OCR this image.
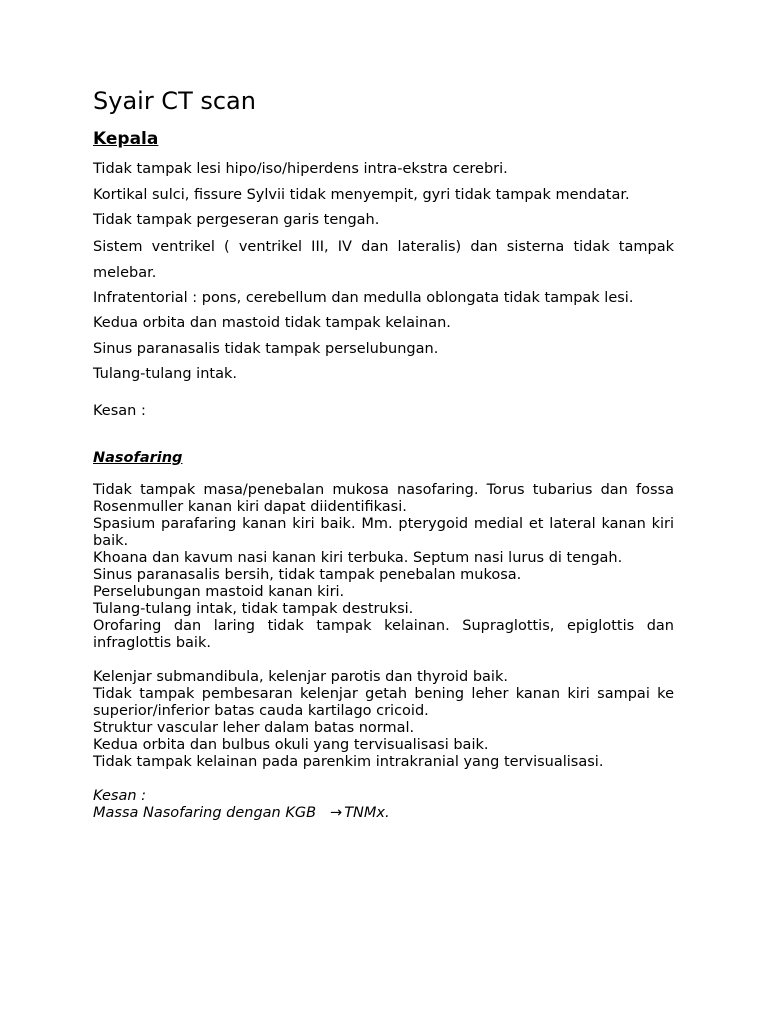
Syair CT scan
Kepala
Tidak tampak lesi hipo/iso/hiperdens intra-ekstra cerebri.
Kortikal sulci, fissure Sylvii tidak menyempit, gyri tidak tampak mendatar.
Tidak tampak pergeseran garis tengah.
Sistem ventrikel ( ventrikel III, IV dan lateralis) dan sisterna tidak tampak melebar.
Infratentorial : pons, cerebellum dan medulla oblongata tidak tampak lesi.
Kedua orbita dan mastoid tidak tampak kelainan.
Sinus paranasalis tidak tampak perselubungan.
Tulang-tulang intak.
Kesan :
Nasofaring
Tidak tampak masa/penebalan mukosa nasofaring. Torus tubarius dan fossa Rosenmuller kanan kiri dapat diidentifikasi.
Spasium parafaring kanan kiri baik. Mm. pterygoid medial et lateral kanan kiri baik.
Khoana dan kavum nasi kanan kiri terbuka. Septum nasi lurus di tengah.
Sinus paranasalis bersih, tidak tampak penebalan mukosa.
Perselubungan mastoid kanan kiri.
Tulang-tulang intak, tidak tampak destruksi.
Orofaring dan laring tidak tampak kelainan. Supraglottis, epiglottis dan infraglottis baik.
Kelenjar submandibula, kelenjar parotis dan thyroid baik.
Tidak tampak pembesaran kelenjar getah bening leher kanan kiri sampai ke superior/inferior batas cauda kartilago cricoid.
Struktur vascular leher dalam batas normal.
Kedua orbita dan bulbus okuli yang tervisualisasi baik.
Tidak tampak kelainan pada parenkim intrakranial yang tervisualisasi.
Kesan :
Massa Nasofaring dengan KGB → TNMx.
